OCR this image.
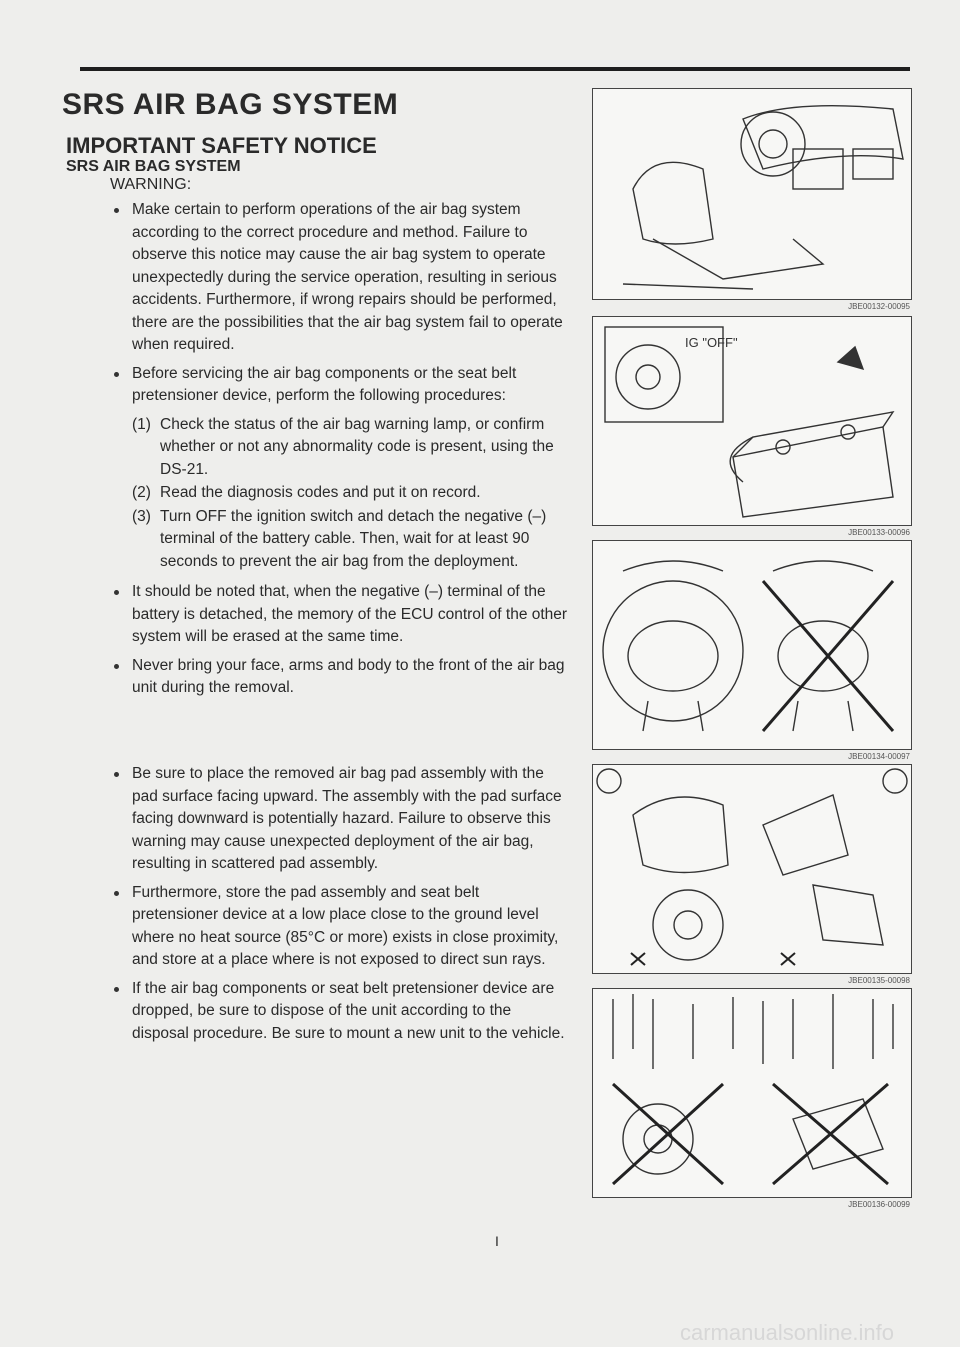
SRS AIR BAG SYSTEM
IMPORTANT SAFETY NOTICE
SRS AIR BAG SYSTEM
WARNING:
Make certain to perform operations of the air bag system according to the correct procedure and method. Failure to observe this notice may cause the air bag system to operate unexpectedly during the service operation, resulting in serious accidents. Furthermore, if wrong repairs should be performed, there are the possibilities that the air bag system fail to operate when required.
Before servicing the air bag components or the seat belt pretensioner device, perform the following procedures:
(1) Check the status of the air bag warning lamp, or confirm whether or not any abnormality code is present, using the DS-21.
(2) Read the diagnosis codes and put it on record.
(3) Turn OFF the ignition switch and detach the negative (–) terminal of the battery cable. Then, wait for at least 90 seconds to prevent the air bag from the deployment.
It should be noted that, when the negative (–) terminal of the battery is detached, the memory of the ECU control of the other system will be erased at the same time.
Never bring your face, arms and body to the front of the air bag unit during the removal.
Be sure to place the removed air bag pad assembly with the pad surface facing upward. The assembly with the pad surface facing downward is potentially hazard. Failure to observe this warning may cause unexpected deployment of the air bag, resulting in scattered pad assembly.
Furthermore, store the pad assembly and seat belt pretensioner device at a low place close to the ground level where no heat source (85°C or more) exists in close proximity, and store at a place where is not exposed to direct sun rays.
If the air bag components or seat belt pretensioner device are dropped, be sure to dispose of the unit according to the disposal procedure. Be sure to mount a new unit to the vehicle.
JBE00132-00095
IG "OFF"
JBE00133-00096
JBE00134-00097
JBE00135-00098
JBE00136-00099
I
carmanualsonline.info
